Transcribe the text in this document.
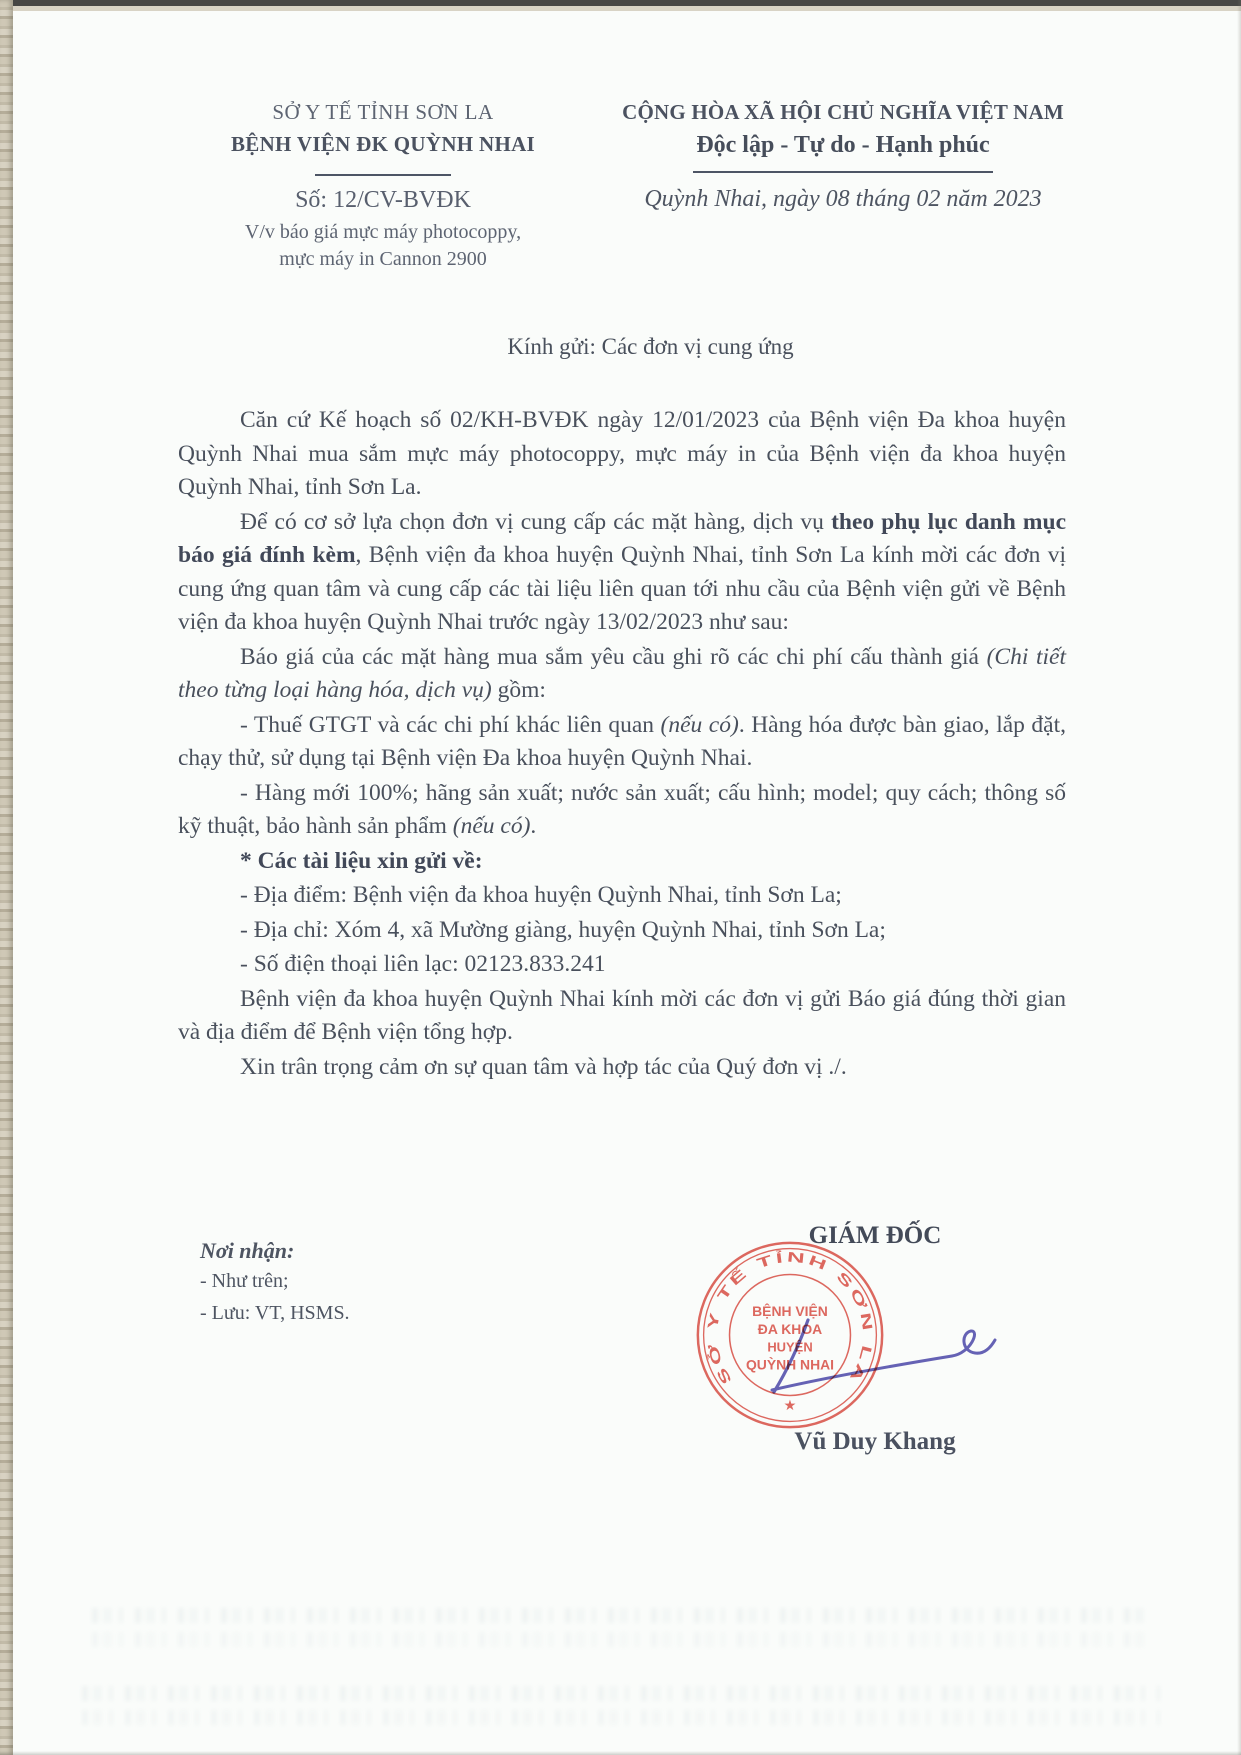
SỞ Y TẾ TỈNH SƠN LA
BỆNH VIỆN ĐK QUỲNH NHAI
Số: 12/CV-BVĐK
V/v báo giá mực máy photocoppy,
mực máy in Cannon 2900
CỘNG HÒA XÃ HỘI CHỦ NGHĨA VIỆT NAM
Độc lập - Tự do - Hạnh phúc
Quỳnh Nhai, ngày 08 tháng 02 năm 2023
Kính gửi: Các đơn vị cung ứng

Căn cứ Kế hoạch số 02/KH-BVĐK ngày 12/01/2023 của Bệnh viện Đa khoa huyện Quỳnh Nhai mua sắm mực máy photocoppy, mực máy in của Bệnh viện đa khoa huyện Quỳnh Nhai, tỉnh Sơn La.

Để có cơ sở lựa chọn đơn vị cung cấp các mặt hàng, dịch vụ theo phụ lục danh mục báo giá đính kèm, Bệnh viện đa khoa huyện Quỳnh Nhai, tỉnh Sơn La kính mời các đơn vị cung ứng quan tâm và cung cấp các tài liệu liên quan tới nhu cầu của Bệnh viện gửi về Bệnh viện đa khoa huyện Quỳnh Nhai trước ngày 13/02/2023 như sau:

Báo giá của các mặt hàng mua sắm yêu cầu ghi rõ các chi phí cấu thành giá (Chi tiết theo từng loại hàng hóa, dịch vụ) gồm:

- Thuế GTGT và các chi phí khác liên quan (nếu có). Hàng hóa được bàn giao, lắp đặt, chạy thử, sử dụng tại Bệnh viện Đa khoa huyện Quỳnh Nhai.

- Hàng mới 100%; hãng sản xuất; nước sản xuất; cấu hình; model; quy cách; thông số kỹ thuật, bảo hành sản phẩm (nếu có).

* Các tài liệu xin gửi về:

- Địa điểm: Bệnh viện đa khoa huyện Quỳnh Nhai, tỉnh Sơn La;

- Địa chỉ: Xóm 4, xã Mường giàng, huyện Quỳnh Nhai, tỉnh Sơn La;

- Số điện thoại liên lạc: 02123.833.241

Bệnh viện đa khoa huyện Quỳnh Nhai kính mời các đơn vị gửi Báo giá đúng thời gian và địa điểm để Bệnh viện tổng hợp.

Xin trân trọng cảm ơn sự quan tâm và hợp tác của Quý đơn vị ./.

Nơi nhận:
- Như trên;
- Lưu: VT, HSMS.
GIÁM ĐỐC
Vũ Duy Khang
SỞ Y TẾ TỈNH SƠN LA
BỆNH VIỆN
ĐA KHOA
HUYỆN
QUỲNH NHAI
★
